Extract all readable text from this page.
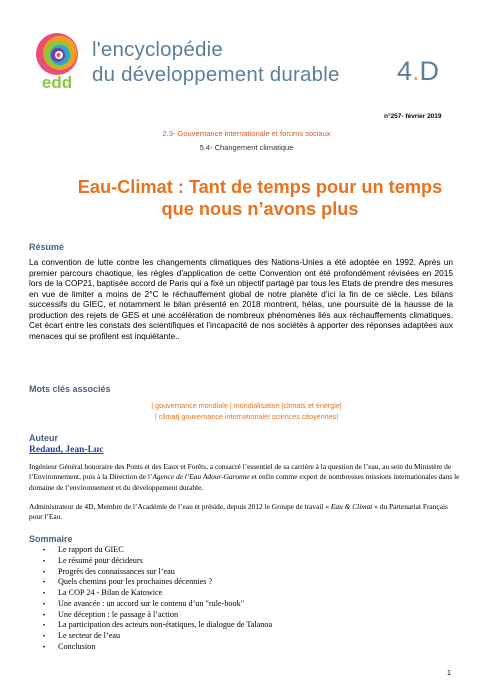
edd
l'encyclopédie
du développement durable 4.D
n°257- février 2019
2.3- Gouvernance internationale et forums sociaux
5.4- Changement climatique
Eau-Climat : Tant de temps pour un temps
que nous n’avons plus
Résumé
La convention de lutte contre les changements climatiques des Nations-Unies a été adoptée en 1992. Après un premier parcours chaotique, les règles d’application de cette Convention ont été profondément révisées en 2015 lors de la COP21, baptisée accord de Paris qui a fixé un objectif partagé par tous les Etats de prendre des mesures en vue de limiter a moins de 2°C le réchauffement global de notre planète d’ici la fin de ce siècle. Les bilans successifs du GIEC, et notamment le bilan présenté en 2018 montrent, hélas, une poursuite de la hausse de la production des rejets de GES et une accélération de nombreux phénomènes liés aux réchauffements climatiques. Cet écart entre les constats des scientifiques et l’incapacité de nos sociétés à apporter des réponses adaptées aux menaces qui se profilent est inquiétante..
Mots clés associés
| gouvernance mondiale | mondialisation |climats et énergie|
| climat| gouvernance internationale| sciences citoyennes|
Auteur
Redaud, Jean-Luc
Ingénieur Général honoraire des Ponts et des Eaux et Forêts, a consacré l’essentiel de sa carrière à la question de l’eau, au sein du Ministère de l’Environnement, puis à la Direction de l’Agence de l’Eau Adour-Garonne et enfin comme expert de nombreuses missions internationales dans le domaine de l’environnement et du développement durable.
Administrateur de 4D, Membre de l’Académie de l’eau et préside, depuis 2012 le Groupe de travail « Eau & Climat » du Partenariat Français pour l’Eau.
Sommaire
• Le rapport du GIEC
• Le résumé pour décideurs
• Progrès des connaissances sur l’eau
• Quels chemins pour les prochaines décennies ?
• La COP 24 - Bilan de Katowice
• Une avancée : un accord sur le contenu d’un "rule-book"
• Une déception : le passage à l’action
• La participation des acteurs non-étatiques, le dialogue de Talanoa
• Le secteur de l’eau
• Conclusion
1
